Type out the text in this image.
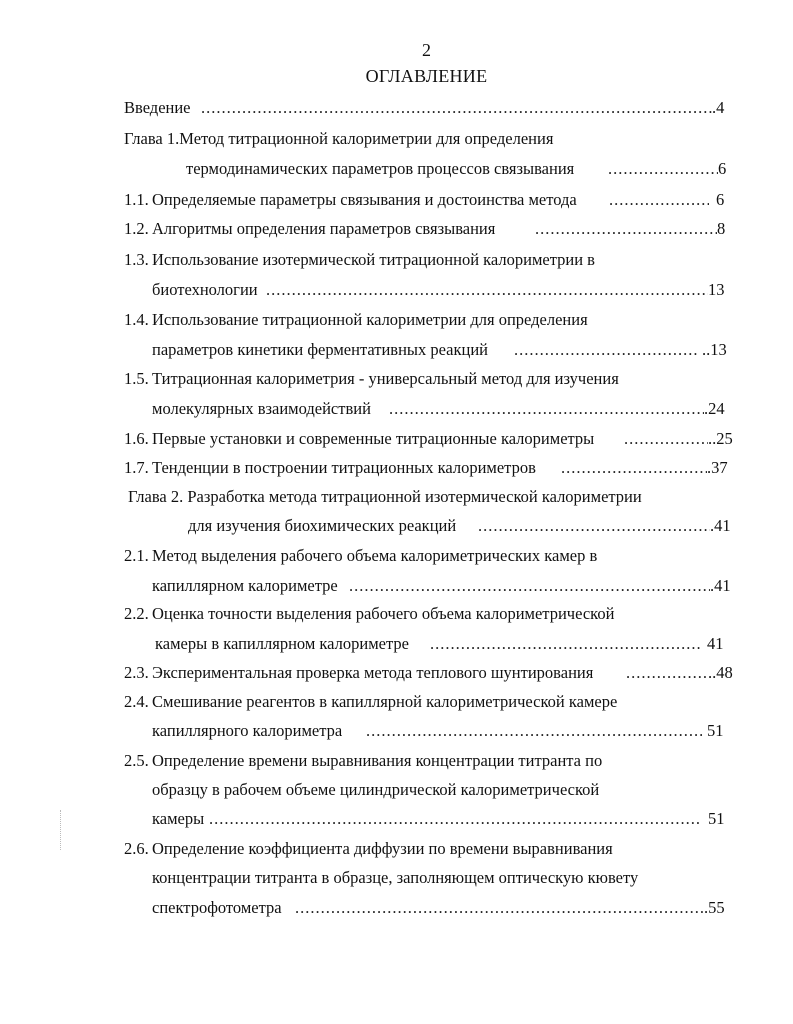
2
ОГЛАВЛЕНИЕ
Введение .....	.4
Глава 1.Метод титрационной калориметрии для определения
термодинамических параметров процессов связывания .....	6
1.1. Определяемые параметры связывания и достоинства метода .....	6
1.2. Алгоритмы определения параметров связывания .....	8
1.3. Использование изотермической титрационной калориметрии в
биотехнологии .....	13
1.4. Использование титрационной калориметрии для определения
параметров кинетики ферментативных реакций .....	..13
1.5. Титрационная калориметрия - универсальный метод для изучения
молекулярных взаимодействий .....	.24
1.6. Первые установки и современные титрационные калориметры .....	..25
1.7. Тенденции в построении титрационных калориметров .....	.37
Глава 2. Разработка метода титрационной изотермической калориметрии
для изучения биохимических реакций .....	.41
2.1. Метод выделения рабочего объема калориметрических камер в
капиллярном калориметре .....	.41
2.2. Оценка точности выделения рабочего объема калориметрической
камеры в капиллярном калориметре .....	41
2.3. Экспериментальная проверка метода теплового шунтирования .....	..48
2.4. Смешивание реагентов в капиллярной калориметрической камере
капиллярного калориметра .....	51
2.5. Определение времени выравнивания концентрации титранта по
образцу в рабочем объеме цилиндрической калориметрической
камеры .....	51
2.6. Определение коэффициента диффузии по времени выравнивания
концентрации титранта в образце, заполняющем оптическую кювету
спектрофотометра .....	.55
